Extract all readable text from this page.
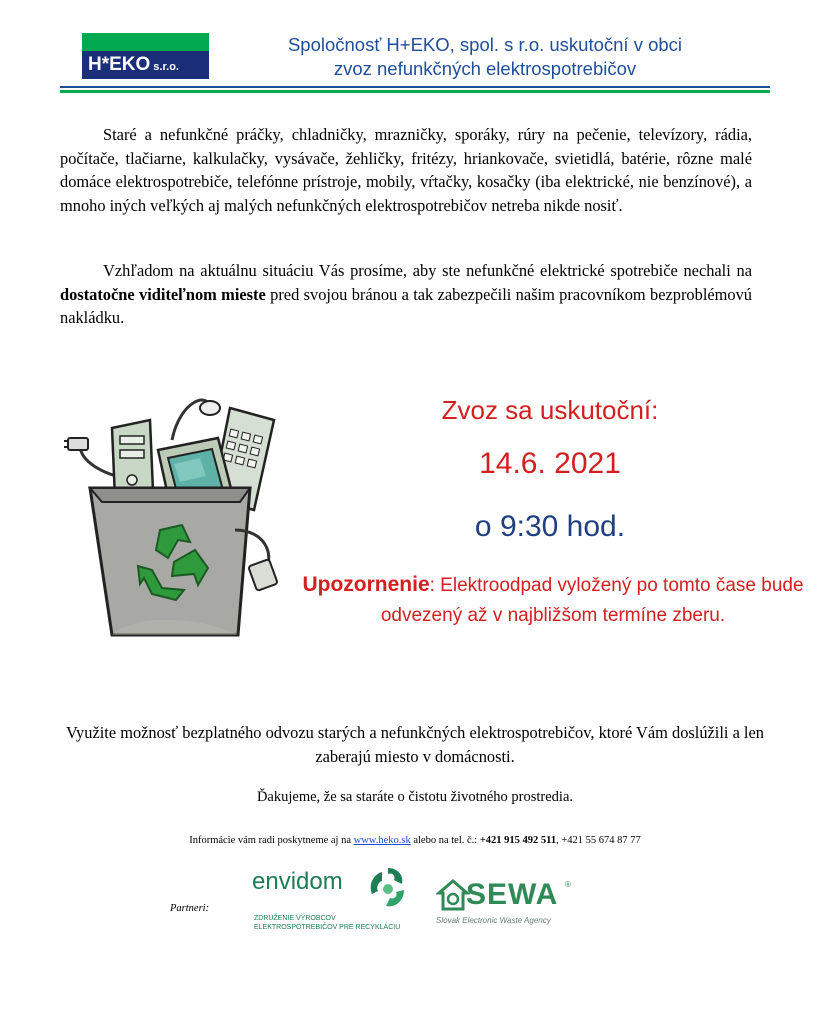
H*EKO s.r.o.
Spoločnosť H+EKO, spol. s r.o. uskutoční v obci
zvoz nefunkčných elektrospotrebičov
Staré a nefunkčné práčky, chladničky, mrazničky, sporáky, rúry na pečenie, televízory, rádia, počítače, tlačiarne, kalkulačky, vysávače, žehličky, fritézy, hriankovače, svietidlá, batérie, rôzne malé domáce elektrospotrebiče, telefónne prístroje, mobily, vŕtačky, kosačky (iba elektrické, nie benzínové), a mnoho iných veľkých aj malých nefunkčných elektrospotrebičov netreba nikde nosiť.
Vzhľadom na aktuálnu situáciu Vás prosíme, aby ste nefunkčné elektrické spotrebiče nechali na dostatočne viditeľnom mieste pred svojou bránou a tak zabezpečili našim pracovníkom bezproblémovú nakládku.
Zvoz sa uskutoční:
14.6. 2021
o 9:30 hod.
Upozornenie: Elektroodpad vyložený po tomto čase bude odvezený až v najbližšom termíne zberu.
Využite možnosť bezplatného odvozu starých a nefunkčných elektrospotrebičov, ktoré Vám doslúžili a len zaberajú miesto v domácnosti.
Ďakujeme, že sa staráte o čistotu životného prostredia.
Informácie vám radi poskytneme aj na www.heko.sk alebo na tel. č.: +421 915 492 511, +421 55 674 87 77
Partneri:
envidom
ZDRUŽENIE VÝROBCOV
ELEKTROSPOTREBIČOV PRE RECYKLÁCIU
SEWA ®
Slovak Electronic Waste Agency
